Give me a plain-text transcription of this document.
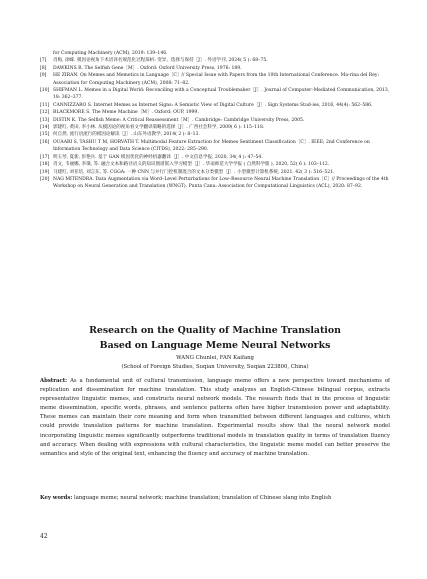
for Computing Machinery (ACM), 2019: 139–146.
[7]	肖梅, 徐嵘. 模因论视角下术语译名规范化过程探析: 变异、选择与保持［J］. 外语学刊, 2024( 5 ): 68–75.
[8]	DAWKINS R. The Selfish Gene［M］. Oxford: Oxford University Press, 1976: 189.
[9]	HE ZIRAN. On Memes and Memetics in Language［C］// Special Issue with Papers from the 10th International Conference. Ma-rina del Rey: Association for Computing Machinery (ACM), 2008: 71–82.
[10] SHIFMAN L. Memes in a Digital World: Reconciling with a Conceptual Troublemaker［J］. Journal of Computer–Mediated Communication, 2013, 18: 362–377.
[11] CANNIZZARO S. Internet Memes as Internet Signs: A Semiotic View of Digital Culture［J］. Sign Systems Stud-ies, 2016, 44(4): 562–586.
[12] BLACKMORE S. The Meme Machine［M］. Oxford: OUP, 1999.
[13] DISTIN K. The Selfish Meme: A Critical Reassessment［M］. Cambridge: Cambridge University Press, 2005.
[14] 郭建红, 黄田, 李小林. 从模因论的视角看文学翻译策略的选择［J］. 广西社会科学, 2009( 6 ): 115–118.
[15] 何自然. 流行语流行的模因论解读［J］. 山东外语教学, 2014( 2 ): 8–13.
[16] OUAARI S, TASHU T M, HORVÁTH T. Multimodal Feature Extraction for Memes Sentiment Classification［C］. IEEE; 2nd Conference on Information Technology and Data Science (CITDS), 2022: 285–290.
[17] 明玉琴, 夏新, 彭艳兵. 基于 GAN 模因优化的神经机器翻译［J］. 中文信息学报, 2020, 34( 4 ): 47–54.
[18] 肖文, 韦丽娜, 李璜, 等. 融合文本和路径语义的知识图谱嵌入学习模型［J］. 华南师范大学学报 ( 自然科学版 ), 2020, 52( 6 ): 103–112.
[19] 马建红, 刘亚培, 刘言东, 等. CGGA: 一种 CNN 与并行门控机制混合的文本分类模型［J］. 小型微型计算机系统, 2021, 42( 3 ): 516–521.
[20] NAG MITENDRA. Data Augmentation via Word–Level Perturbations for Low–Resource Neural Machine Translation［C］// Proceedings of the 4th Workshop on Neural Generation and Translation (WNGT). Punta Cana: Association for Computational Linguistics (ACL), 2020: 87–92.
Research on the Quality of Machine Translation
Based on Language Meme Neural Networks
WANG Chunlei, FAN Kaifang
(School of Foreign Studies, Suqian University, Suqian 223800, China)
Abstract: As a fundamental unit of cultural transmission, language meme offers a new perspective toward mechanisms of replication and dissemination for machine translation. This study analyzes an English-Chinese bilingual corpus, extracts representative linguistic memes, and constructs neural network models. The research finds that in the process of linguistic meme dissemination, specific words, phrases, and sentence patterns often have higher transmission power and adaptability. These memes can maintain their core meaning and form when transmitted between different languages and cultures, which could provide translation patterns for machine translation. Experimental results show that the neural network model incorporating linguistic memes significantly outperforms traditional models in translation quality in terms of translation fluency and accuracy. When dealing with expressions with cultural characteristics, the linguistic meme model can better preserve the semantics and style of the original text, enhancing the fluency and accuracy of machine translation.
Key words: language meme; neural network; machine translation; translation of Chinese slang into English
42
